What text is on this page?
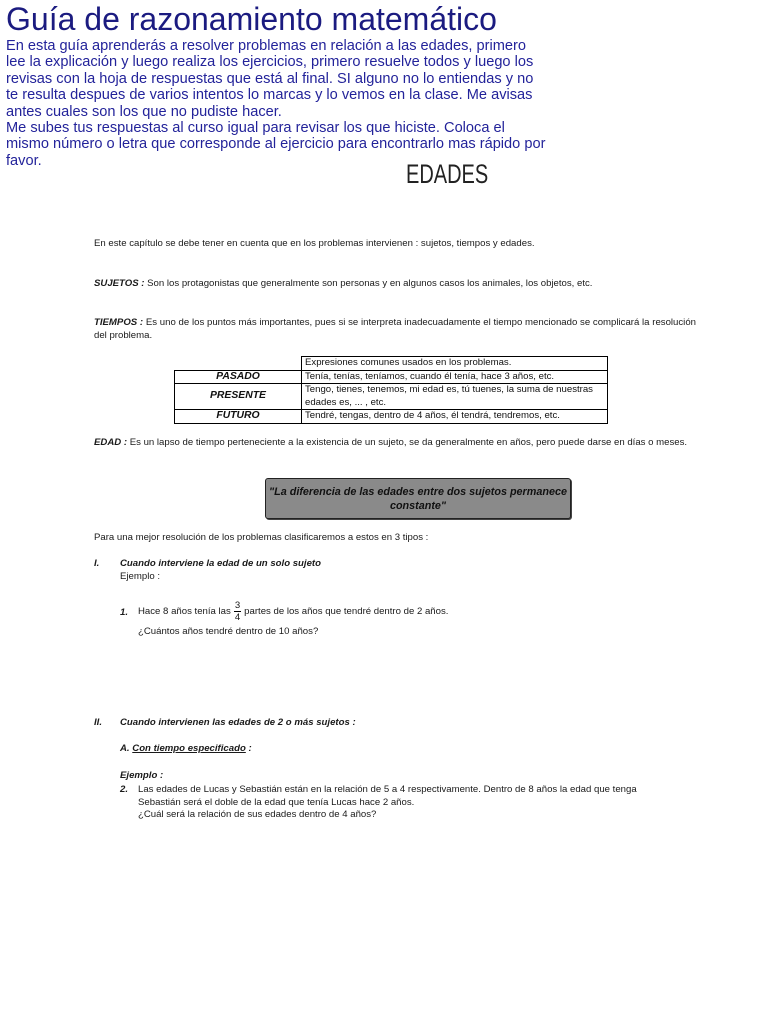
Guía de razonamiento matemático

En esta guía aprenderás a resolver problemas en relación a las edades, primero lee la explicación y luego realiza los ejercicios, primero resuelve todos y luego los revisas con la hoja de respuestas que está al final. SI alguno no lo entiendas y no te resulta despues de varios intentos lo marcas y lo vemos en la clase. Me avisas antes cuales son los que no pudiste hacer.

Me subes tus respuestas al curso igual para revisar los que hiciste. Coloca el mismo número o letra que corresponde al ejercicio para encontrarlo mas rápido por favor.	EDADES
En este capítulo se debe tener en cuenta que en los problemas intervienen : sujetos, tiempos y edades.
SUJETOS : Son los protagonistas que generalmente son personas y en algunos casos los animales, los objetos, etc.
TIEMPOS : Es uno de los puntos más importantes, pues si se interpreta inadecuadamente el tiempo mencionado se complicará la resolución del problema.
	Expresiones comunes usados en los problemas.
PASADO	Tenía, tenías, teníamos, cuando él tenía, hace 3 años, etc.
PRESENTE	Tengo, tienes, tenemos, mi edad es, tú tuenes, la suma de nuestras edades es, ... , etc.
FUTURO	Tendré, tengas, dentro de 4 años, él tendrá, tendremos, etc.
EDAD : Es un lapso de tiempo perteneciente a la existencia de un sujeto, se da generalmente en años, pero puede darse en días o meses.
"La diferencia de las edades entre dos sujetos permanece constante"
Para una mejor resolución de los problemas clasificaremos a estos en 3 tipos :
I. Cuando interviene la edad de un solo sujeto
Ejemplo :
1. Hace 8 años tenía las $\frac{3}{4}$ partes de los años que tendré dentro de 2 años.
¿Cuántos años tendré dentro de 10 años?
II. Cuando intervienen las edades de 2 o más sujetos :
A. Con tiempo especificado :
Ejemplo :
2. Las edades de Lucas y Sebastián están en la relación de 5 a 4 respectivamente. Dentro de 8 años la edad que tenga
Sebastián será el doble de la edad que tenía Lucas hace 2 años.
¿Cuál será la relación de sus edades dentro de 4 años?
